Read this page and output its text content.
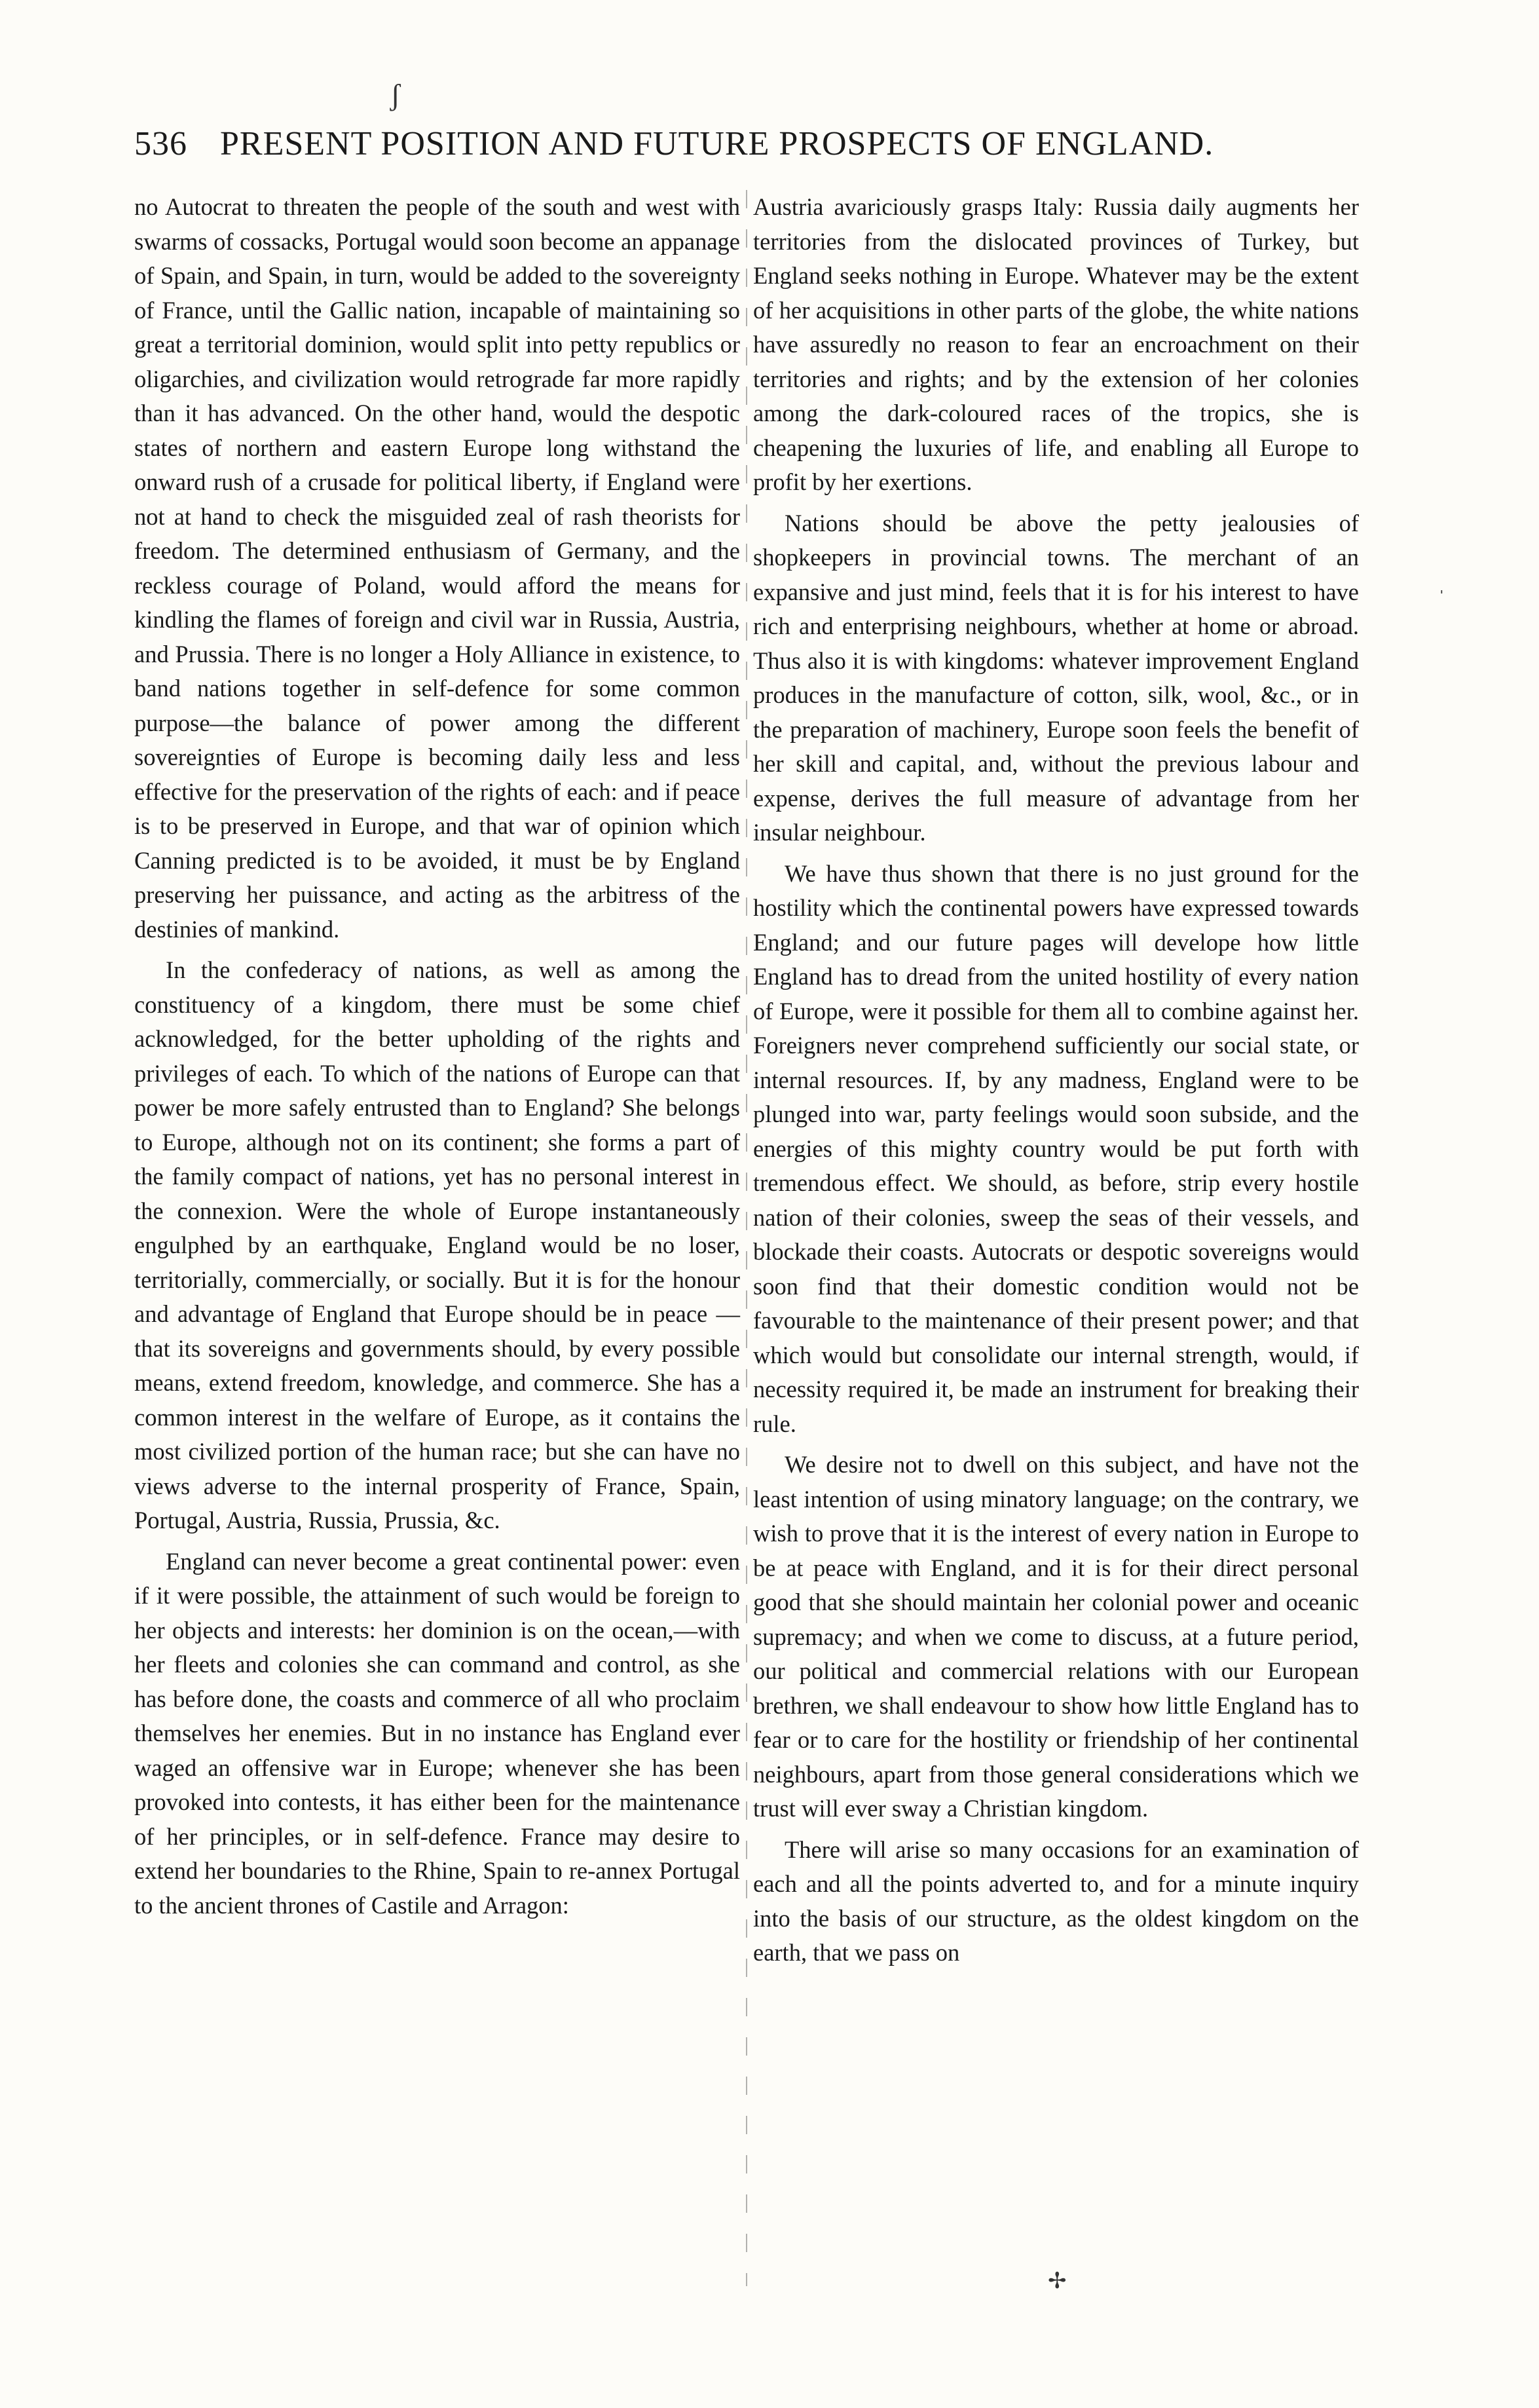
536 PRESENT POSITION AND FUTURE PROSPECTS OF ENGLAND.

no Autocrat to threaten the people of the south and west with swarms of cossacks, Portugal would soon become an appanage of Spain, and Spain, in turn, would be added to the sovereignty of France, until the Gallic nation, incapable of maintaining so great a territorial dominion, would split into petty republics or oligarchies, and civilization would retrograde far more rapidly than it has advanced. On the other hand, would the despotic states of northern and eastern Europe long withstand the onward rush of a crusade for political liberty, if England were not at hand to check the misguided zeal of rash theorists for freedom. The determined enthusiasm of Germany, and the reckless courage of Poland, would afford the means for kindling the flames of foreign and civil war in Russia, Austria, and Prussia. There is no longer a Holy Alliance in existence, to band nations together in self-defence for some common purpose—the balance of power among the different sovereignties of Europe is becoming daily less and less effective for the preservation of the rights of each: and if peace is to be preserved in Europe, and that war of opinion which Canning predicted is to be avoided, it must be by England preserving her puissance, and acting as the arbitress of the destinies of mankind.

In the confederacy of nations, as well as among the constituency of a kingdom, there must be some chief acknowledged, for the better upholding of the rights and privileges of each. To which of the nations of Europe can that power be more safely entrusted than to England? She belongs to Europe, although not on its continent; she forms a part of the family compact of nations, yet has no personal interest in the connexion. Were the whole of Europe instantaneously engulphed by an earthquake, England would be no loser, territorially, commercially, or socially. But it is for the honour and advantage of England that Europe should be in peace —that its sovereigns and governments should, by every possible means, extend freedom, knowledge, and commerce. She has a common interest in the welfare of Europe, as it contains the most civilized portion of the human race; but she can have no views adverse to the internal prosperity of France, Spain, Portugal, Austria, Russia, Prussia, &c.

England can never become a great continental power: even if it were possible, the attainment of such would be foreign to her objects and interests: her dominion is on the ocean,—with her fleets and colonies she can command and control, as she has before done, the coasts and commerce of all who proclaim themselves her enemies. But in no instance has England ever waged an offensive war in Europe; whenever she has been provoked into contests, it has either been for the maintenance of her principles, or in self-defence. France may desire to extend her boundaries to the Rhine, Spain to re-annex Portugal to the ancient thrones of Castile and Arragon:

Austria avariciously grasps Italy: Russia daily augments her territories from the dislocated provinces of Turkey, but England seeks nothing in Europe. Whatever may be the extent of her acquisitions in other parts of the globe, the white nations have assuredly no reason to fear an encroachment on their territories and rights; and by the extension of her colonies among the dark-coloured races of the tropics, she is cheapening the luxuries of life, and enabling all Europe to profit by her exertions.

Nations should be above the petty jealousies of shopkeepers in provincial towns. The merchant of an expansive and just mind, feels that it is for his interest to have rich and enterprising neighbours, whether at home or abroad. Thus also it is with kingdoms: whatever improvement England produces in the manufacture of cotton, silk, wool, &c., or in the preparation of machinery, Europe soon feels the benefit of her skill and capital, and, without the previous labour and expense, derives the full measure of advantage from her insular neighbour.

We have thus shown that there is no just ground for the hostility which the continental powers have expressed towards England; and our future pages will develope how little England has to dread from the united hostility of every nation of Europe, were it possible for them all to combine against her. Foreigners never comprehend sufficiently our social state, or internal resources. If, by any madness, England were to be plunged into war, party feelings would soon subside, and the energies of this mighty country would be put forth with tremendous effect. We should, as before, strip every hostile nation of their colonies, sweep the seas of their vessels, and blockade their coasts. Autocrats or despotic sovereigns would soon find that their domestic condition would not be favourable to the maintenance of their present power; and that which would but consolidate our internal strength, would, if necessity required it, be made an instrument for breaking their rule.

We desire not to dwell on this subject, and have not the least intention of using minatory language; on the contrary, we wish to prove that it is the interest of every nation in Europe to be at peace with England, and it is for their direct personal good that she should maintain her colonial power and oceanic supremacy; and when we come to discuss, at a future period, our political and commercial relations with our European brethren, we shall endeavour to show how little England has to fear or to care for the hostility or friendship of her continental neighbours, apart from those general considerations which we trust will ever sway a Christian kingdom.

There will arise so many occasions for an examination of each and all the points adverted to, and for a minute inquiry into the basis of our structure, as the oldest kingdom on the earth, that we pass on

ʃ
ˌ
✢
